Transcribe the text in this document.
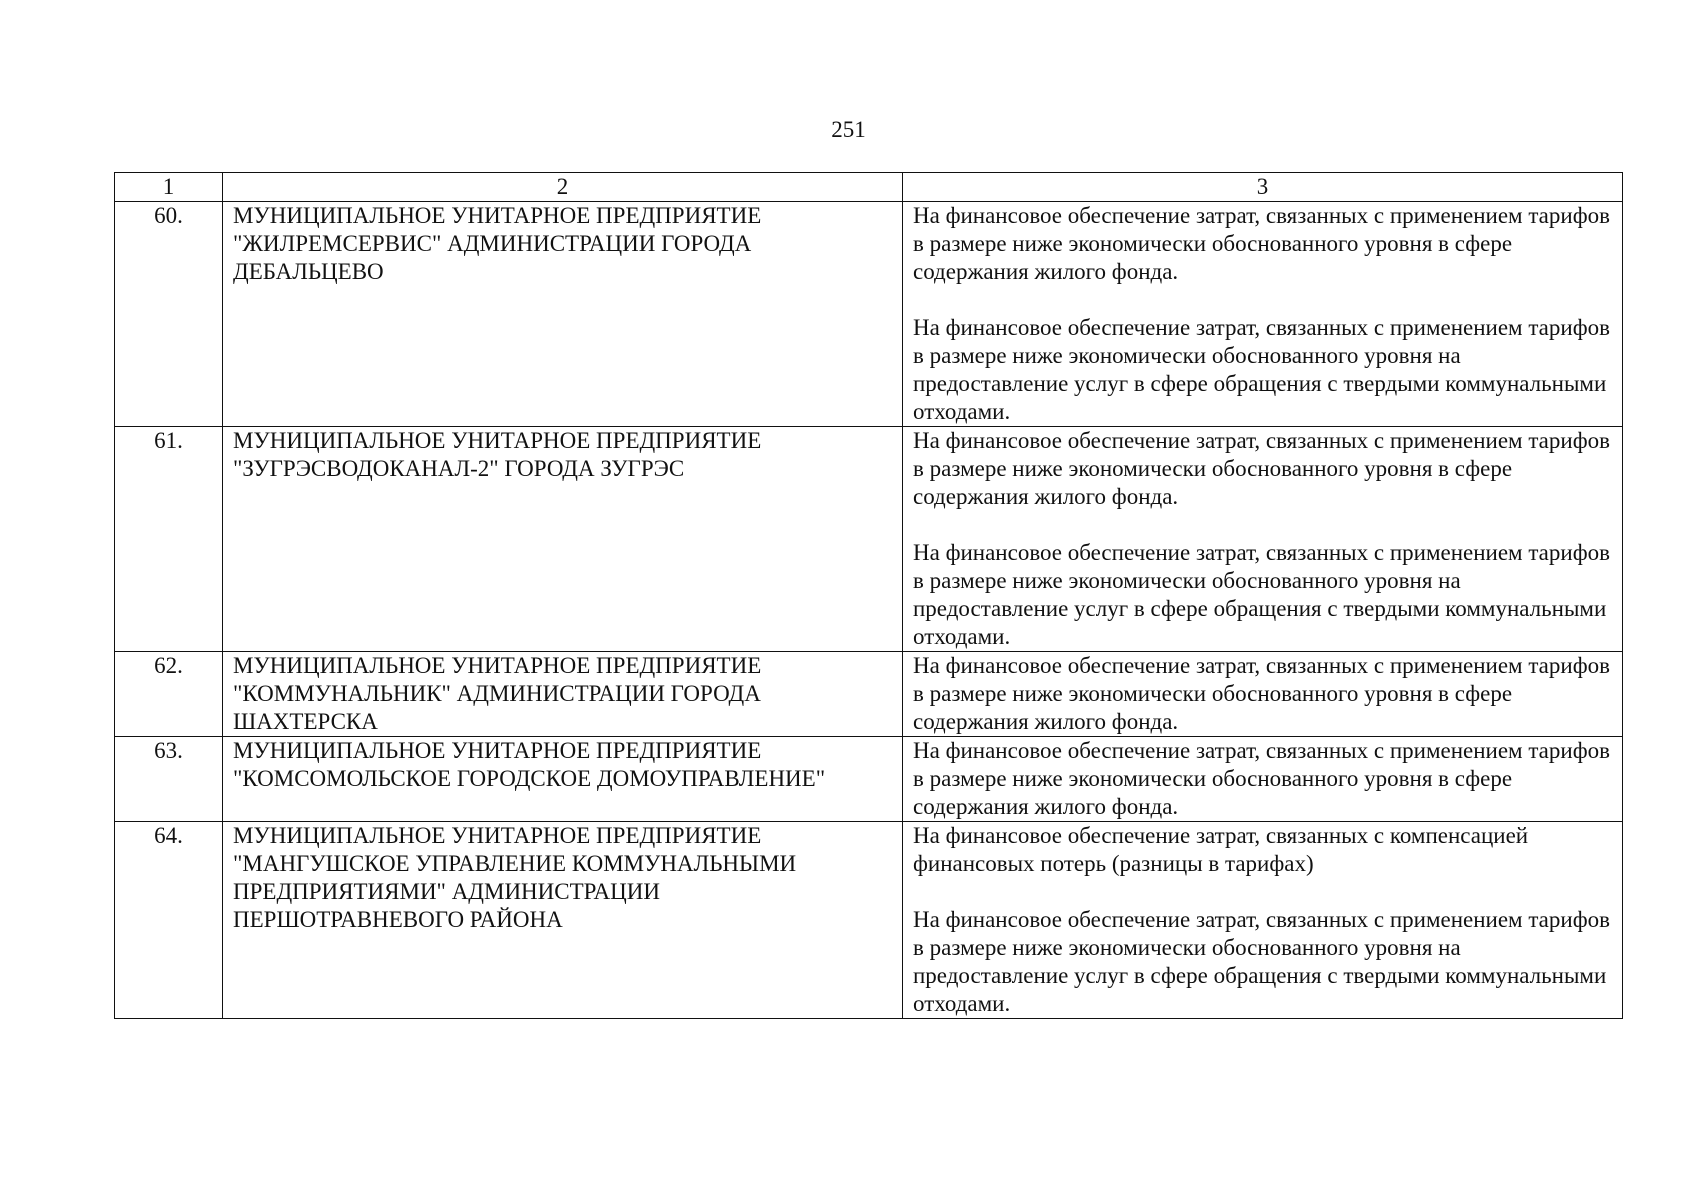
251
1	2	3
60.	МУНИЦИПАЛЬНОЕ УНИТАРНОЕ ПРЕДПРИЯТИЕ "ЖИЛРЕМСЕРВИС" АДМИНИСТРАЦИИ ГОРОДА ДЕБАЛЬЦЕВО	На финансовое обеспечение затрат, связанных с применением тарифов в размере ниже экономически обоснованного уровня в сфере содержания жилого фонда.

На финансовое обеспечение затрат, связанных с применением тарифов в размере ниже экономически обоснованного уровня на предоставление услуг в сфере обращения с твердыми коммунальными отходами.

61.	МУНИЦИПАЛЬНОЕ УНИТАРНОЕ ПРЕДПРИЯТИЕ "ЗУГРЭСВОДОКАНАЛ-2" ГОРОДА ЗУГРЭС	На финансовое обеспечение затрат, связанных с применением тарифов в размере ниже экономически обоснованного уровня в сфере содержания жилого фонда.

На финансовое обеспечение затрат, связанных с применением тарифов в размере ниже экономически обоснованного уровня на предоставление услуг в сфере обращения с твердыми коммунальными отходами.

62.	МУНИЦИПАЛЬНОЕ УНИТАРНОЕ ПРЕДПРИЯТИЕ "КОММУНАЛЬНИК" АДМИНИСТРАЦИИ ГОРОДА ШАХТЕРСКА	На финансовое обеспечение затрат, связанных с применением тарифов в размере ниже экономически обоснованного уровня в сфере содержания жилого фонда.

63.	МУНИЦИПАЛЬНОЕ УНИТАРНОЕ ПРЕДПРИЯТИЕ "КОМСОМОЛЬСКОЕ ГОРОДСКОЕ ДОМОУПРАВЛЕНИЕ"	На финансовое обеспечение затрат, связанных с применением тарифов в размере ниже экономически обоснованного уровня в сфере содержания жилого фонда.

64.	МУНИЦИПАЛЬНОЕ УНИТАРНОЕ ПРЕДПРИЯТИЕ "МАНГУШСКОЕ УПРАВЛЕНИЕ КОММУНАЛЬНЫМИ ПРЕДПРИЯТИЯМИ" АДМИНИСТРАЦИИ ПЕРШОТРАВНЕВОГО РАЙОНА	На финансовое обеспечение затрат, связанных с компенсацией финансовых потерь (разницы в тарифах)

На финансовое обеспечение затрат, связанных с применением тарифов в размере ниже экономически обоснованного уровня на предоставление услуг в сфере обращения с твердыми коммунальными отходами.
